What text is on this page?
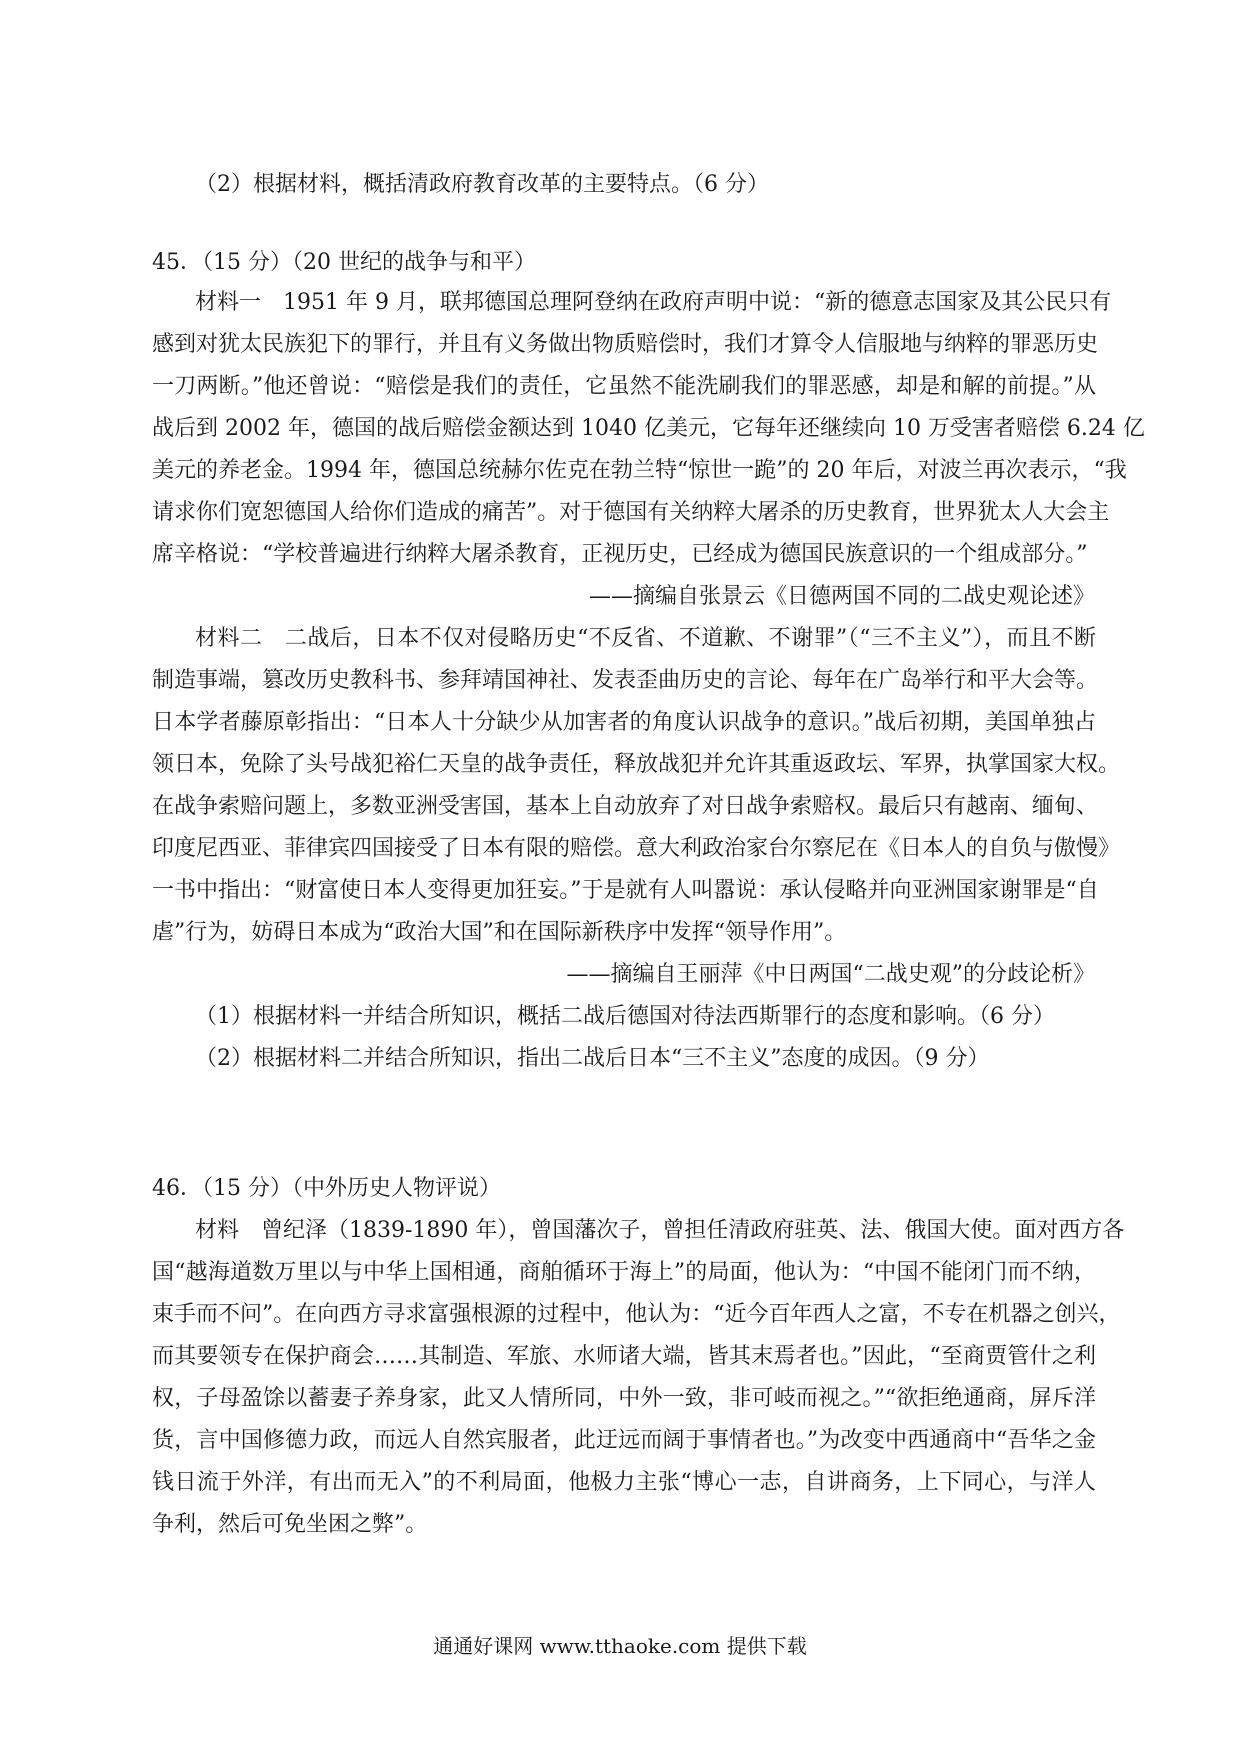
（2）根据材料，概括清政府教育改革的主要特点。（6 分）
45．（15 分）（20 世纪的战争与和平）
材料一　1951 年 9 月，联邦德国总理阿登纳在政府声明中说：“新的德意志国家及其公民只有
感到对犹太民族犯下的罪行，并且有义务做出物质赔偿时，我们才算令人信服地与纳粹的罪恶历史
一刀两断。”他还曾说：“赔偿是我们的责任，它虽然不能洗刷我们的罪恶感，却是和解的前提。”从
战后到 2002 年，德国的战后赔偿金额达到 1040 亿美元，它每年还继续向 10 万受害者赔偿 6.24 亿
美元的养老金。1994 年，德国总统赫尔佐克在勃兰特“惊世一跪”的 20 年后，对波兰再次表示，“我
请求你们宽恕德国人给你们造成的痛苦”。对于德国有关纳粹大屠杀的历史教育，世界犹太人大会主
席辛格说：“学校普遍进行纳粹大屠杀教育，正视历史，已经成为德国民族意识的一个组成部分。”
——摘编自张景云《日德两国不同的二战史观论述》
材料二　二战后，日本不仅对侵略历史“不反省、不道歉、不谢罪”（“三不主义”），而且不断
制造事端，篡改历史教科书、参拜靖国神社、发表歪曲历史的言论、每年在广岛举行和平大会等。
日本学者藤原彰指出：“日本人十分缺少从加害者的角度认识战争的意识。”战后初期，美国单独占
领日本，免除了头号战犯裕仁天皇的战争责任，释放战犯并允许其重返政坛、军界，执掌国家大权。
在战争索赔问题上，多数亚洲受害国，基本上自动放弃了对日战争索赔权。最后只有越南、缅甸、
印度尼西亚、菲律宾四国接受了日本有限的赔偿。意大利政治家台尔察尼在《日本人的自负与傲慢》
一书中指出：“财富使日本人变得更加狂妄。”于是就有人叫嚣说：承认侵略并向亚洲国家谢罪是“自
虐”行为，妨碍日本成为“政治大国”和在国际新秩序中发挥“领导作用”。
——摘编自王丽萍《中日两国“二战史观”的分歧论析》
（1）根据材料一并结合所知识，概括二战后德国对待法西斯罪行的态度和影响。（6 分）
（2）根据材料二并结合所知识，指出二战后日本“三不主义”态度的成因。（9 分）
46．（15 分）（中外历史人物评说）
材料　曾纪泽（1839-1890 年），曾国藩次子，曾担任清政府驻英、法、俄国大使。面对西方各
国“越海道数万里以与中华上国相通，商舶循环于海上”的局面，他认为：“中国不能闭门而不纳，
束手而不问”。在向西方寻求富强根源的过程中，他认为：“近今百年西人之富，不专在机器之创兴，
而其要领专在保护商会……其制造、军旅、水师诸大端，皆其末焉者也。”因此，“至商贾管什之利
权，子母盈馀以蓄妻子养身家，此又人情所同，中外一致，非可岐而视之。”“欲拒绝通商，屏斥洋
货，言中国修德力政，而远人自然宾服者，此迂远而阔于事情者也。”为改变中西通商中“吾华之金
钱日流于外洋，有出而无入”的不利局面，他极力主张“博心一志，自讲商务，上下同心，与洋人
争利，然后可免坐困之弊”。
通通好课网 www.tthaoke.com 提供下载
